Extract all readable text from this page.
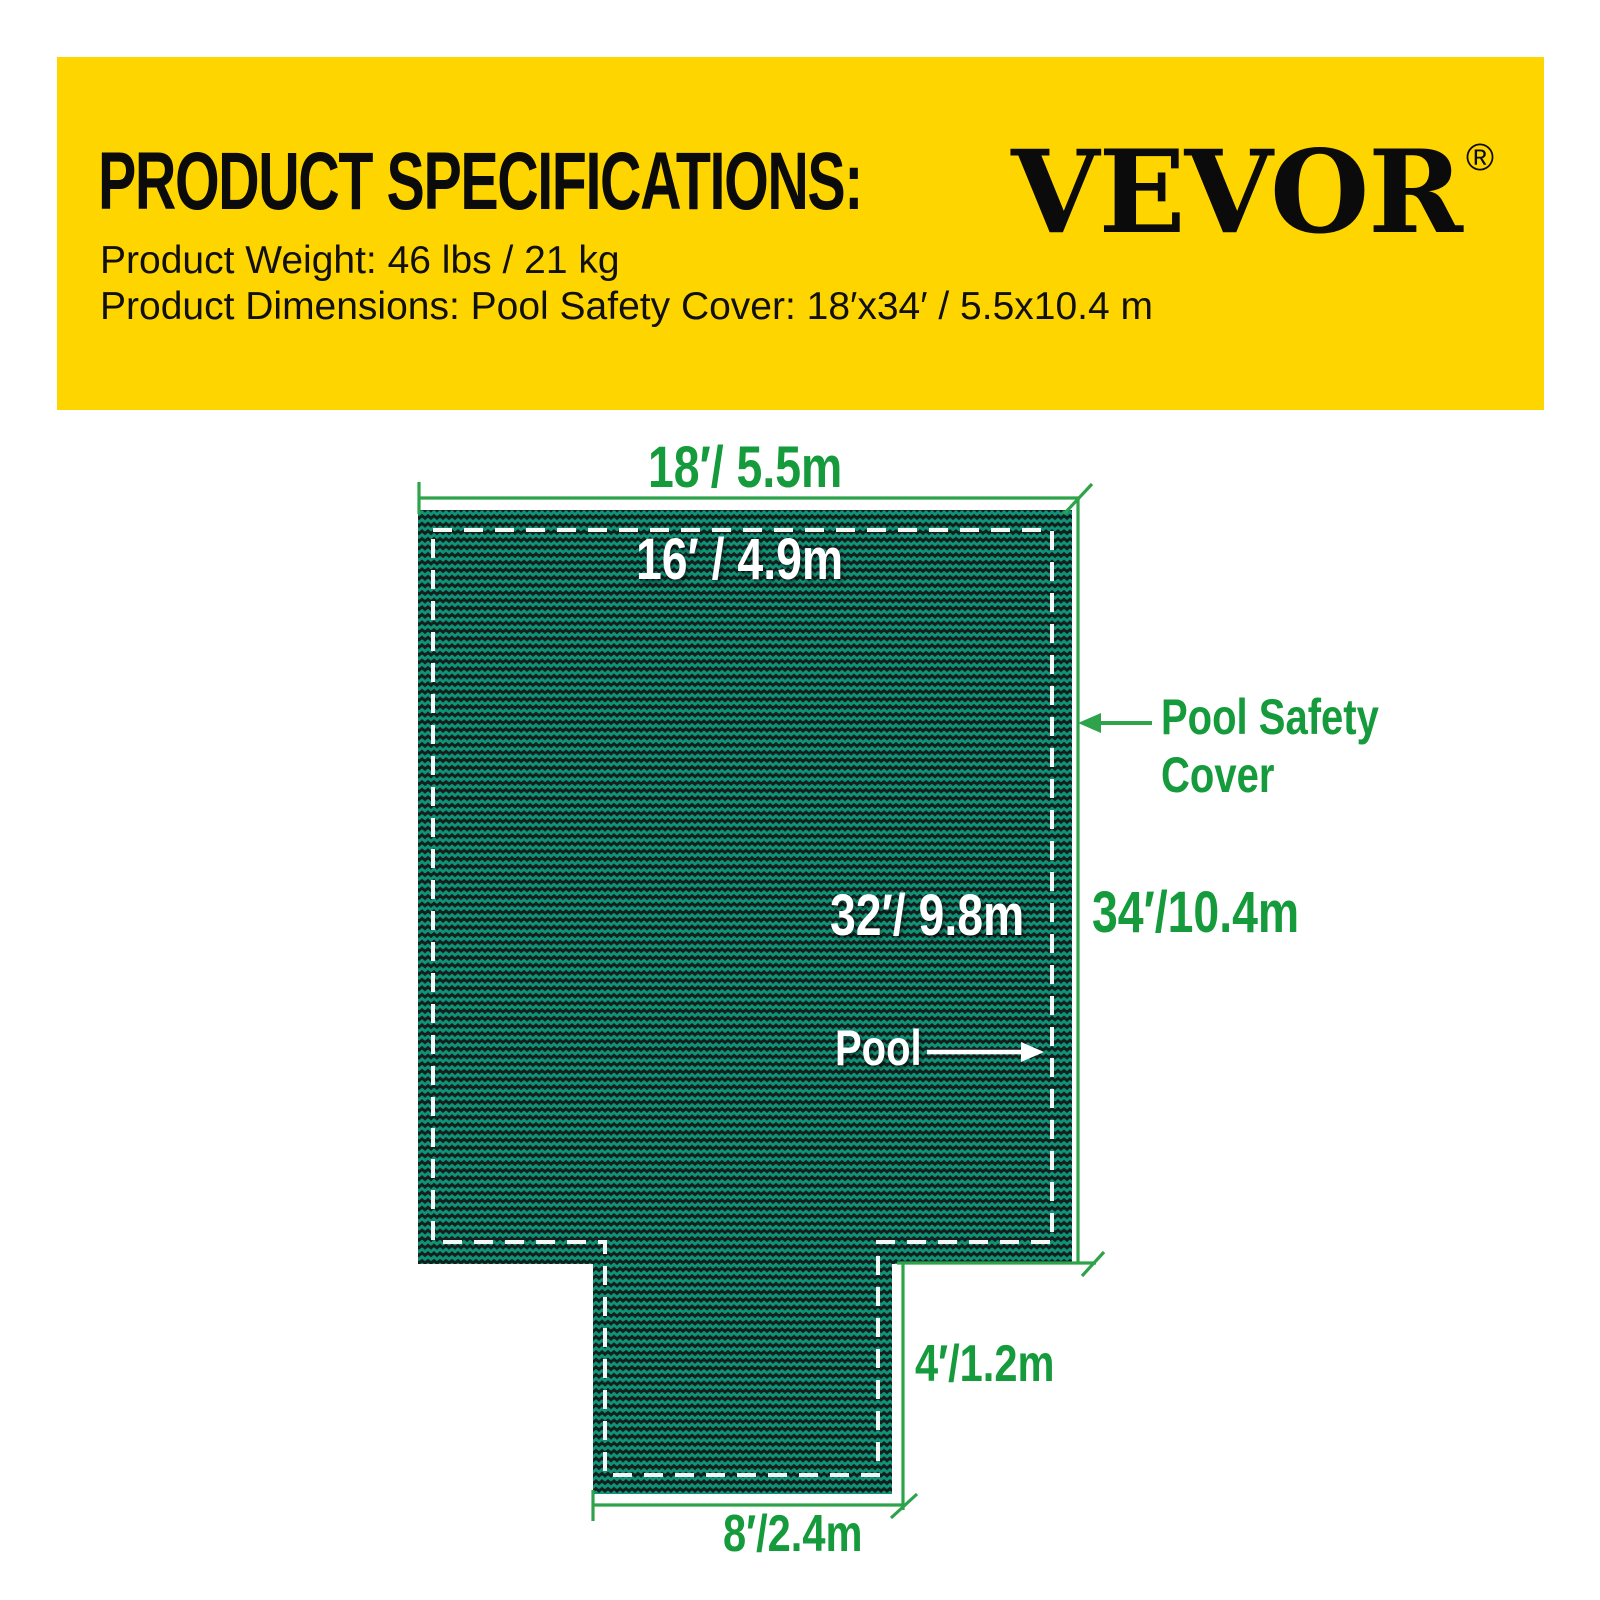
PRODUCT SPECIFICATIONS:
Product Weight: 46 lbs / 21 kg
Product Dimensions: Pool Safety Cover: 18′x34′ / 5.5x10.4 m
VEVOR ®
18′/ 5.5m
16′ / 4.9m
32′/ 9.8m	34′/10.4m
Pool Safety
Cover
Pool
4′/1.2m
8′/2.4m
